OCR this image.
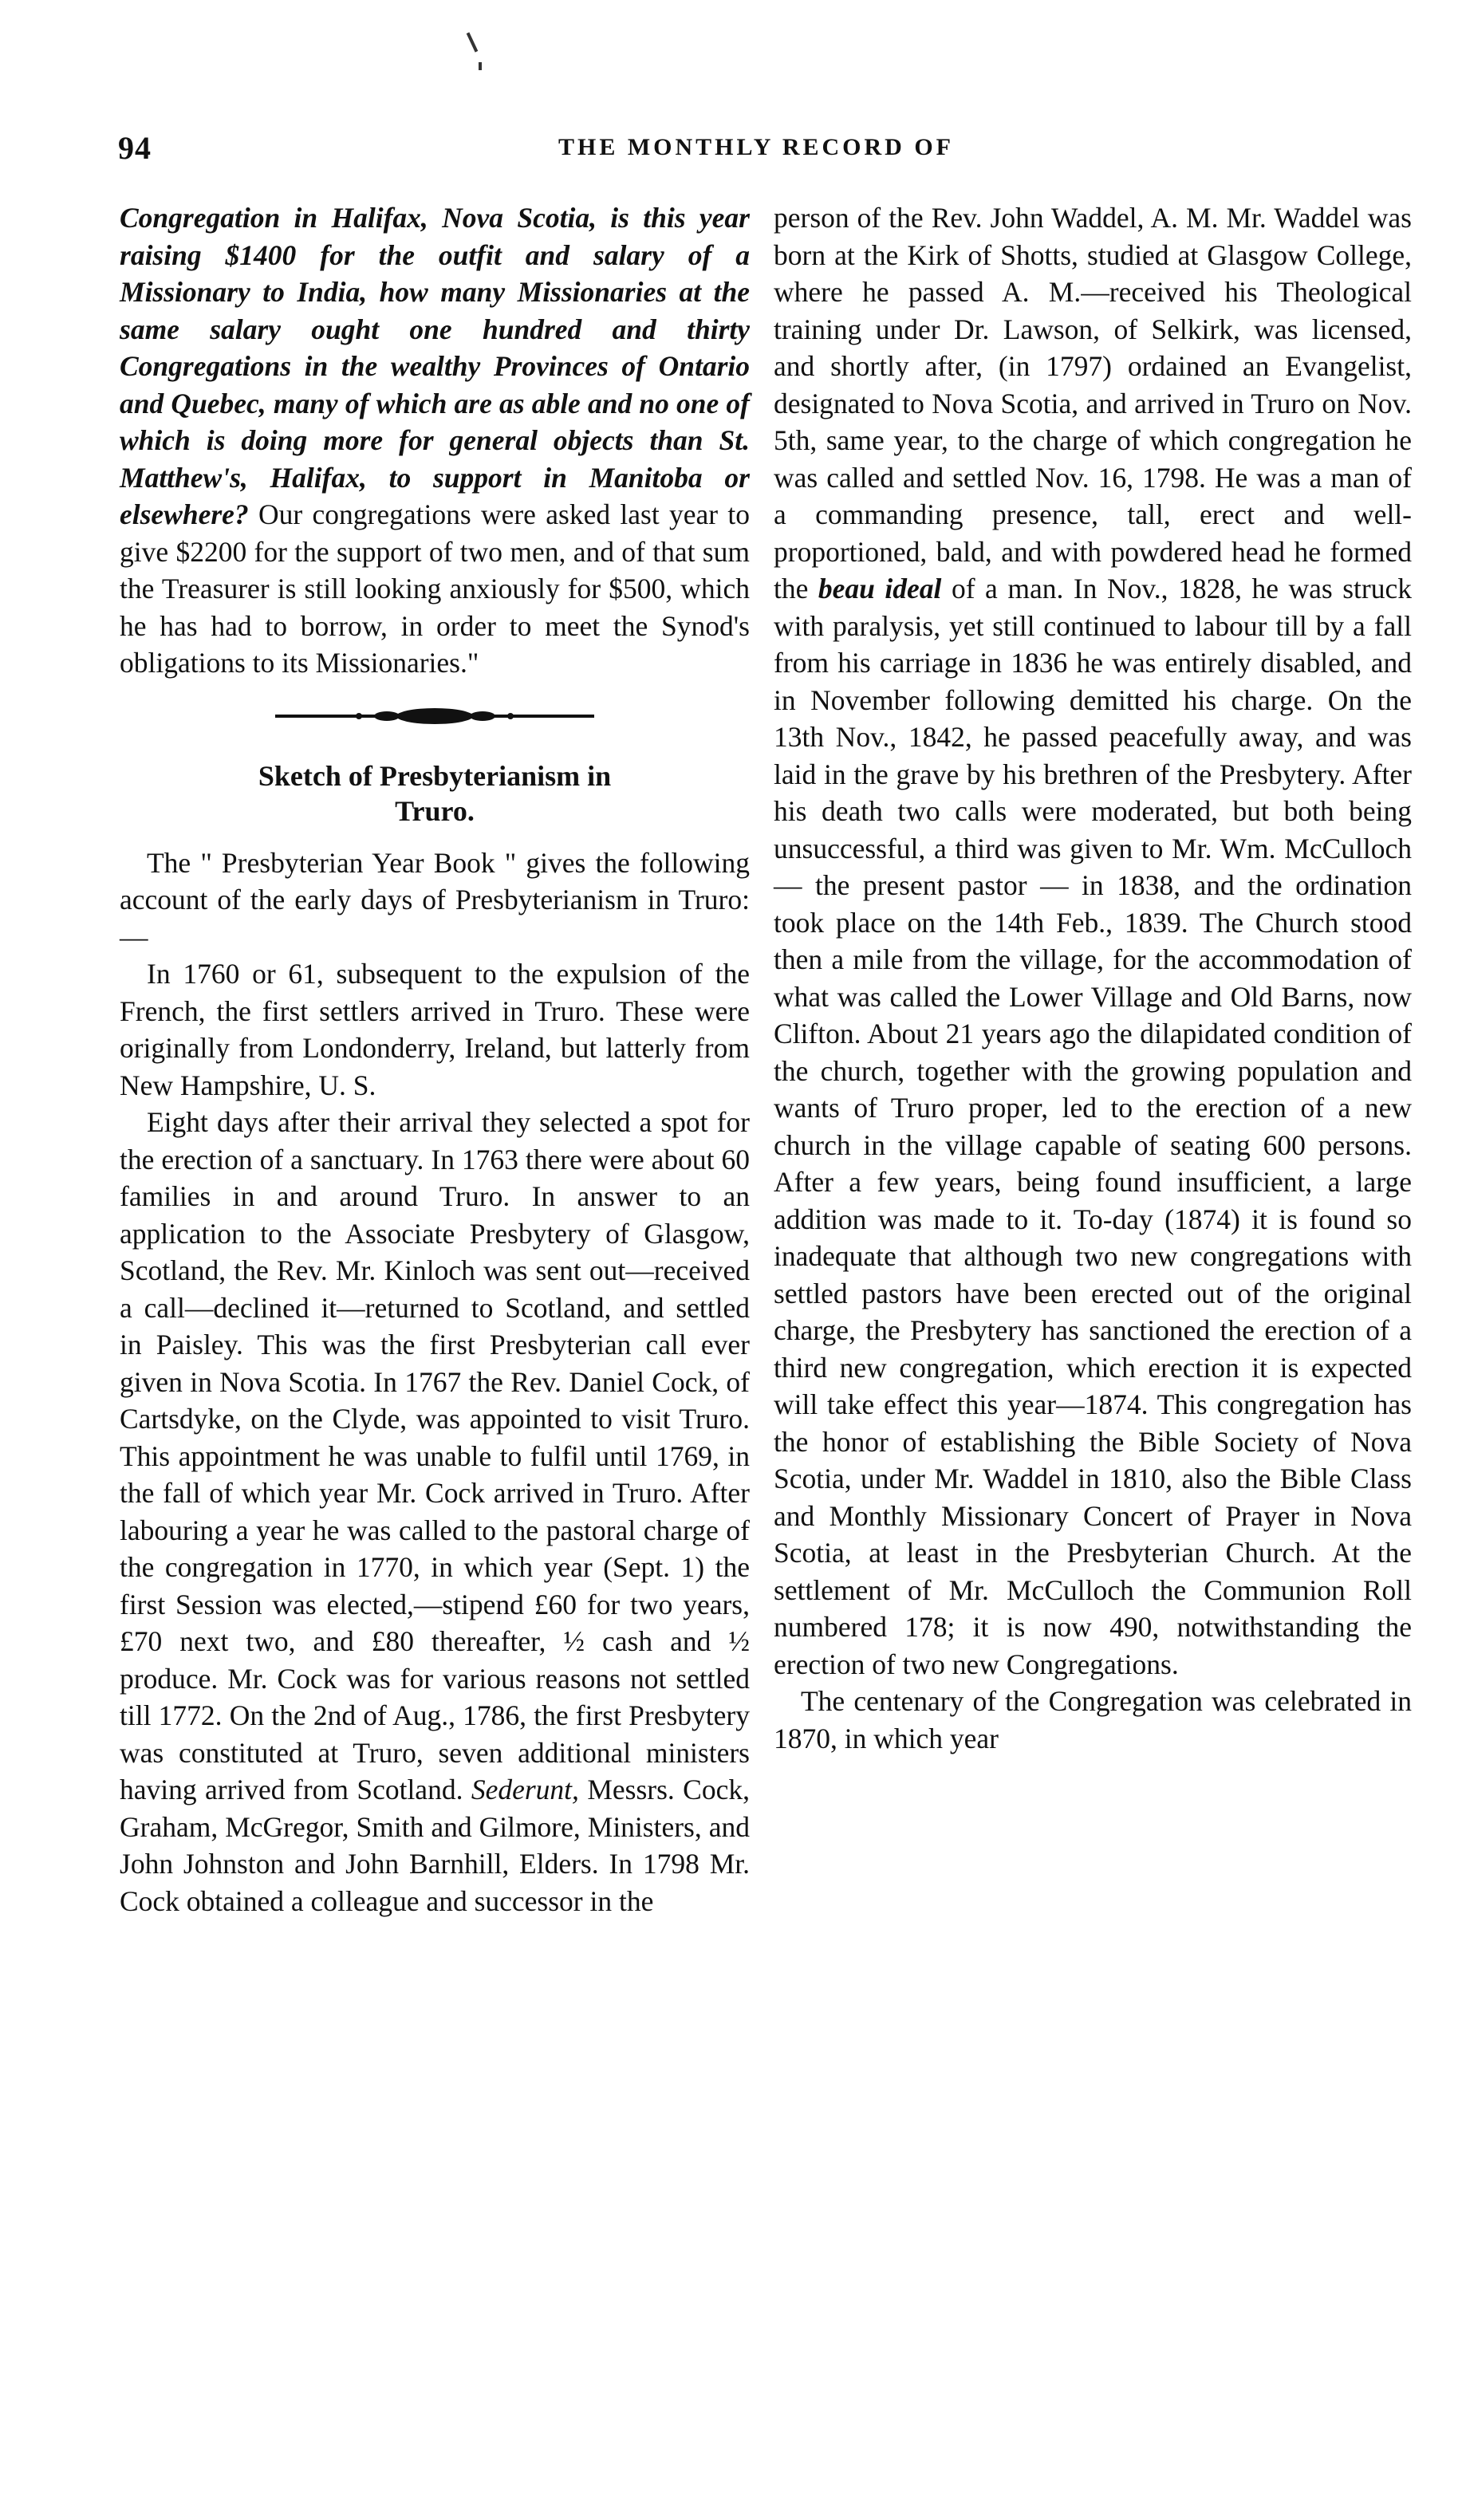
94	THE MONTHLY RECORD OF

Congregation in Halifax, Nova Scotia, is this year raising $1400 for the outfit and salary of a Missionary to India, how many Missionaries at the same salary ought one hundred and thirty Congregations in the wealthy Provinces of Ontario and Quebec, many of which are as able and no one of which is doing more for general objects than St. Matthew's, Halifax, to support in Manitoba or elsewhere? Our congregations were asked last year to give $2200 for the support of two men, and of that sum the Treasurer is still looking anxiously for $500, which he has had to borrow, in order to meet the Synod's obligations to its Missionaries."

Sketch of Presbyterianism in
Truro.

The " Presbyterian Year Book " gives the following account of the early days of Presbyterianism in Truro:—

In 1760 or 61, subsequent to the expulsion of the French, the first settlers arrived in Truro. These were originally from Londonderry, Ireland, but latterly from New Hampshire, U. S.

Eight days after their arrival they selected a spot for the erection of a sanctuary. In 1763 there were about 60 families in and around Truro. In answer to an application to the Associate Presbytery of Glasgow, Scotland, the Rev. Mr. Kinloch was sent out—received a call—declined it—returned to Scotland, and settled in Paisley. This was the first Presbyterian call ever given in Nova Scotia. In 1767 the Rev. Daniel Cock, of Cartsdyke, on the Clyde, was appointed to visit Truro. This appointment he was unable to fulfil until 1769, in the fall of which year Mr. Cock arrived in Truro. After labouring a year he was called to the pastoral charge of the congregation in 1770, in which year (Sept. 1) the first Session was elected,—stipend £60 for two years, £70 next two, and £80 thereafter, ½ cash and ½ produce. Mr. Cock was for various reasons not settled till 1772. On the 2nd of Aug., 1786, the first Presbytery was constituted at Truro, seven additional ministers having arrived from Scotland. Sederunt, Messrs. Cock, Graham, McGregor, Smith and Gilmore, Ministers, and John Johnston and John Barnhill, Elders. In 1798 Mr. Cock obtained a colleague and successor in the

person of the Rev. John Waddel, A. M. Mr. Waddel was born at the Kirk of Shotts, studied at Glasgow College, where he passed A. M.—received his Theological training under Dr. Lawson, of Selkirk, was licensed, and shortly after, (in 1797) ordained an Evangelist, designated to Nova Scotia, and arrived in Truro on Nov. 5th, same year, to the charge of which congregation he was called and settled Nov. 16, 1798. He was a man of a commanding presence, tall, erect and well-proportioned, bald, and with powdered head he formed the beau ideal of a man. In Nov., 1828, he was struck with paralysis, yet still continued to labour till by a fall from his carriage in 1836 he was entirely disabled, and in November following demitted his charge. On the 13th Nov., 1842, he passed peacefully away, and was laid in the grave by his brethren of the Presbytery. After his death two calls were moderated, but both being unsuccessful, a third was given to Mr. Wm. McCulloch — the present pastor — in 1838, and the ordination took place on the 14th Feb., 1839. The Church stood then a mile from the village, for the accommodation of what was called the Lower Village and Old Barns, now Clifton. About 21 years ago the dilapidated condition of the church, together with the growing population and wants of Truro proper, led to the erection of a new church in the village capable of seating 600 persons. After a few years, being found insufficient, a large addition was made to it. To-day (1874) it is found so inadequate that although two new congregations with settled pastors have been erected out of the original charge, the Presbytery has sanctioned the erection of a third new congregation, which erection it is expected will take effect this year—1874. This congregation has the honor of establishing the Bible Society of Nova Scotia, under Mr. Waddel in 1810, also the Bible Class and Monthly Missionary Concert of Prayer in Nova Scotia, at least in the Presbyterian Church. At the settlement of Mr. McCulloch the Communion Roll numbered 178; it is now 490, notwithstanding the erection of two new Congregations.

The centenary of the Congregation was celebrated in 1870, in which year
